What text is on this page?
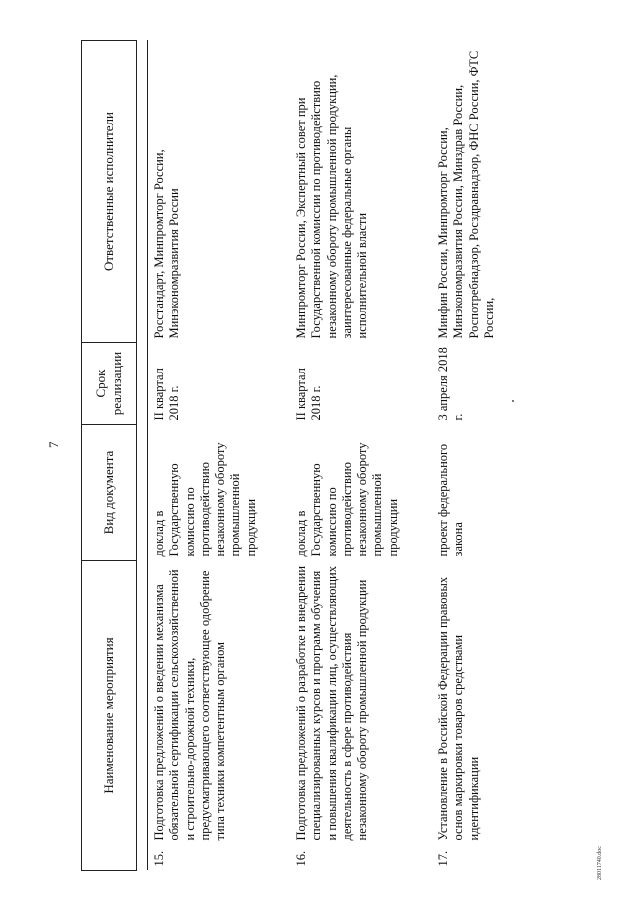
7
28011740.doc
Наименование мероприятия		Вид документа	Срок реализации	Ответственные исполнители

15.	Подготовка предложений о введении механизма обязательной сертификации сельскохозяйственной и строительно-дорожной техники, предусматривающего соответствующее одобрение типа техники компетентным органом	доклад в Государственную комиссию по противодействию незаконному обороту промышленной продукции	II квартал 2018 г.	Росстандарт, Минпромторг России, Минэкономразвития России
16.	Подготовка предложений о разработке и внедрении специализированных курсов и программ обучения и повышения квалификации лиц, осуществляющих деятельность в сфере противодействия незаконному обороту промышленной продукции	доклад в Государственную комиссию по противодействию незаконному обороту промышленной продукции	II квартал 2018 г.	Минпромторг России, Экспертный совет при Государственной комиссии по противодействию незаконному обороту промышленной продукции, заинтересованные федеральные органы исполнительной власти
17.	Установление в Российской Федерации правовых основ маркировки товаров средствами идентификации	проект федерального закона	3 апреля 2018 г.	Минфин России, Минпромторг России, Минэкономразвития России, Минздрав России, Роспотребнадзор, Росздравнадзор, ФНС России, ФТС России,
